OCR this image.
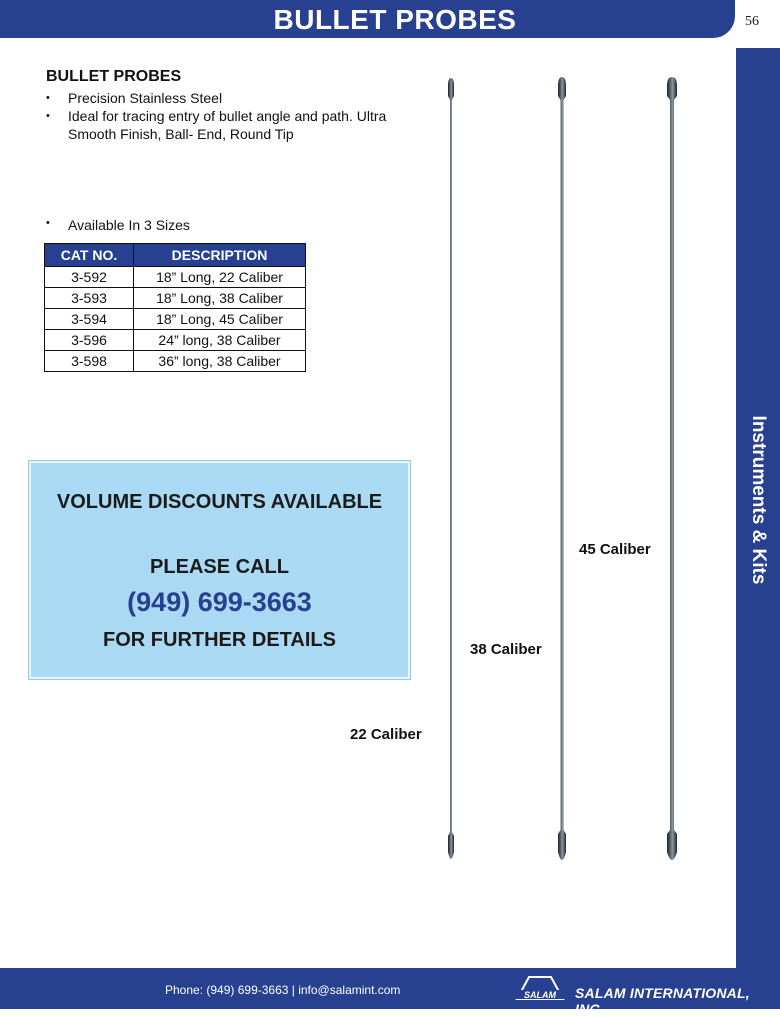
BULLET PROBES	56
Instruments & Kits
BULLET PROBES
• Precision Stainless Steel
• Ideal for tracing entry of bullet angle and path. Ultra Smooth Finish, Ball- End, Round Tip
• Available In 3 Sizes
CAT NO.	DESCRIPTION
3-592	18” Long, 22 Caliber
3-593	18” Long, 38 Caliber
3-594	18” Long, 45 Caliber
3-596	24” long, 38 Caliber
3-598	36” long, 38 Caliber
VOLUME DISCOUNTS AVAILABLE
PLEASE CALL
(949) 699-3663
FOR FURTHER DETAILS
22 Caliber
38 Caliber
45 Caliber
Phone: (949) 699-3663 | info@salamint.com	SALAM SALAM INTERNATIONAL, INC.
